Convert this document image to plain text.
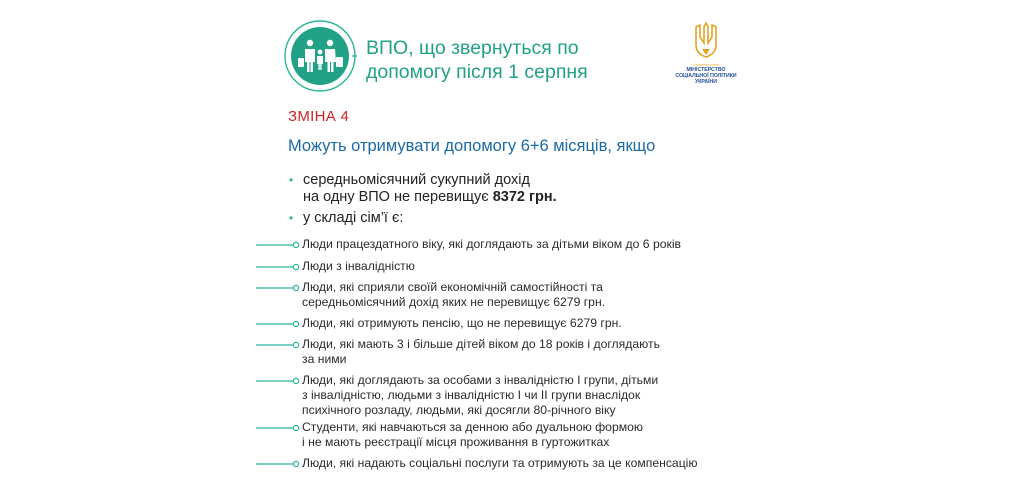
ВПО, що звернуться по
допомогу після 1 серпня	Uryadovyi portal
МІНІСТЕРСТВО
СОЦІАЛЬНОЇ ПОЛІТИКИ
УКРАЇНИ
ЗМІНА 4
Можуть отримувати допомогу 6+6 місяців, якщо
• середньомісячний сукупний дохід
на одну ВПО не перевищує 8372 грн.
• у складі сім’ї є:
Люди працездатного віку, які доглядають за дітьми віком до 6 років
Люди з інвалідністю
Люди, які сприяли своїй економічній самостійності та
середньомісячний дохід яких не перевищує 6279 грн.
Люди, які отримують пенсію, що не перевищує 6279 грн.
Люди, які мають 3 і більше дітей віком до 18 років і доглядають
за ними
Люди, які доглядають за особами з інвалідністю I групи, дітьми
з інвалідністю, людьми з інвалідністю I чи II групи внаслідок
психічного розладу, людьми, які досягли 80-річного віку
Студенти, які навчаються за денною або дуальною формою
і не мають реєстрації місця проживання в гуртожитках
Люди, які надають соціальні послуги та отримують за це компенсацію
